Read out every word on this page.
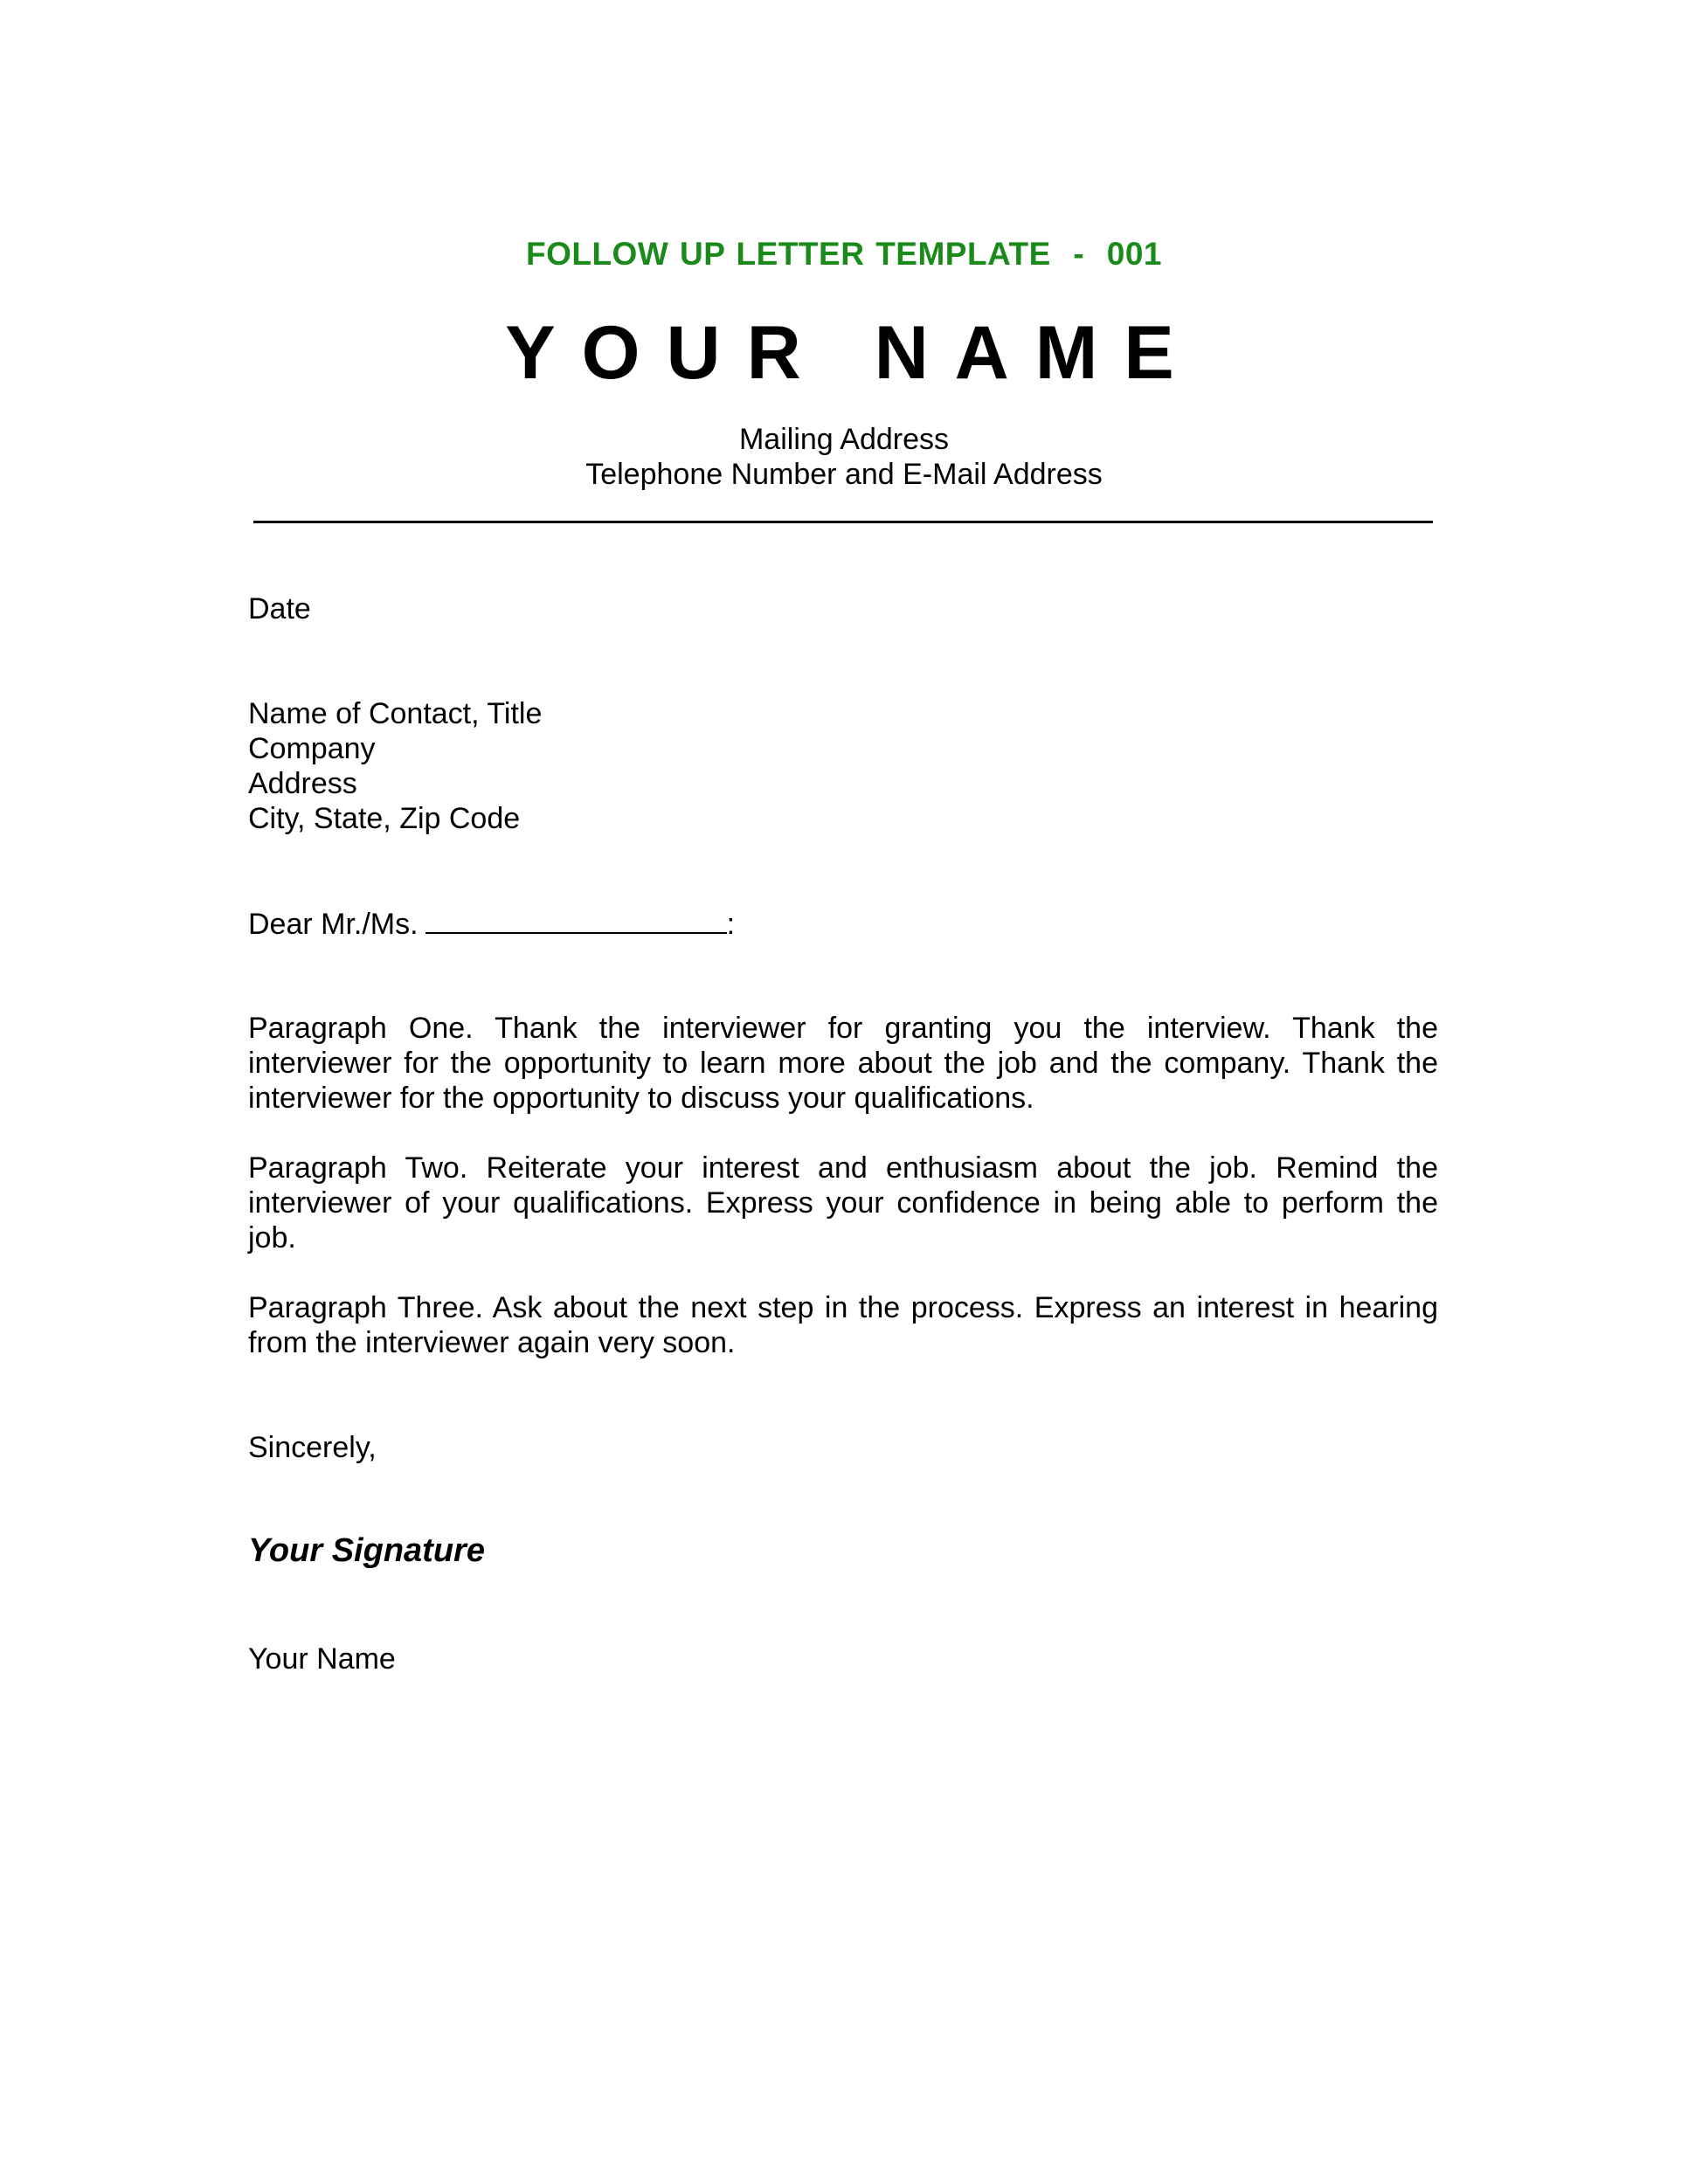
FOLLOW UP LETTER TEMPLATE  -  001
YOUR NAME
Mailing Address
Telephone Number and E-Mail Address
Date
Name of Contact, Title
Company
Address
City, State, Zip Code
Dear Mr./Ms.	:
Paragraph One. Thank the interviewer for granting you the interview. Thank the interviewer for the opportunity to learn more about the job and the company. Thank the interviewer for the opportunity to discuss your qualifications.
Paragraph Two. Reiterate your interest and enthusiasm about the job. Remind the interviewer of your qualifications. Express your confidence in being able to perform the job.
Paragraph Three. Ask about the next step in the process. Express an interest in hearing from the interviewer again very soon.
Sincerely,
Your Signature
Your Name
